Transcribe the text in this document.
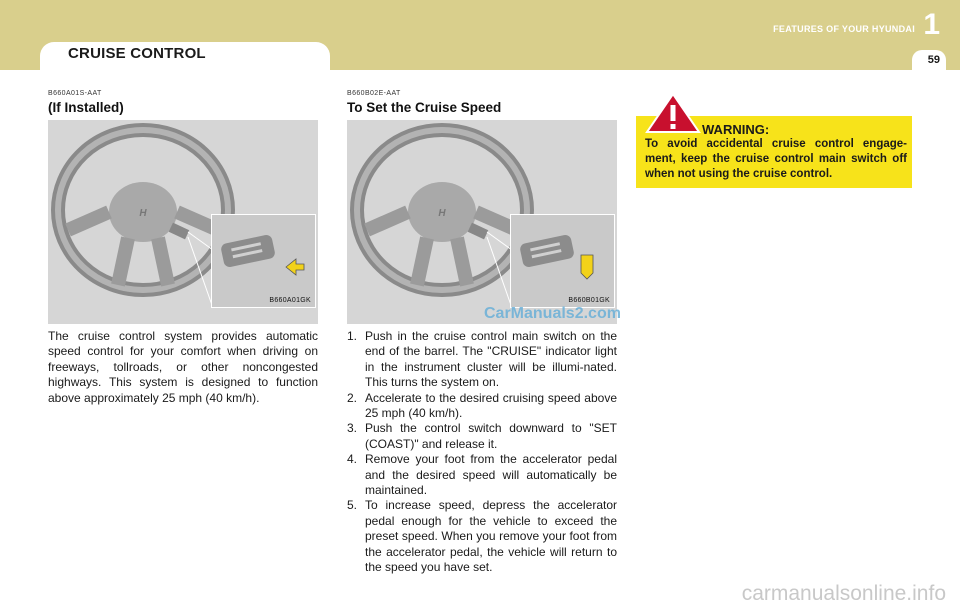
CRUISE CONTROL
FEATURES OF YOUR HYUNDAI 1
59
B660A01S-AAT
(If Installed)
H
B660A01GK
The cruise control system provides automatic speed control for your comfort when driving on freeways, tollroads, or other noncongested highways. This system is designed to function above approximately 25 mph (40 km/h).
B660B02E-AAT
To Set the Cruise Speed
H
B660B01GK
CarManuals2.com
1. Push in the cruise control main switch on the end of the barrel. The "CRUISE" indicator light in the instrument cluster will be illumi-nated. This turns the system on.
2. Accelerate to the desired cruising speed above 25 mph (40 km/h).
3. Push the control switch downward to "SET (COAST)" and release it.
4. Remove your foot from the accelerator pedal and the desired speed will automatically be maintained.
5. To increase speed, depress the accelerator pedal enough for the vehicle to exceed the preset speed. When you remove your foot from the accelerator pedal, the vehicle will return to the speed you have set.
WARNING:
To avoid accidental cruise control engage-ment, keep the cruise control main switch off when not using the cruise control.
carmanualsonline.info
